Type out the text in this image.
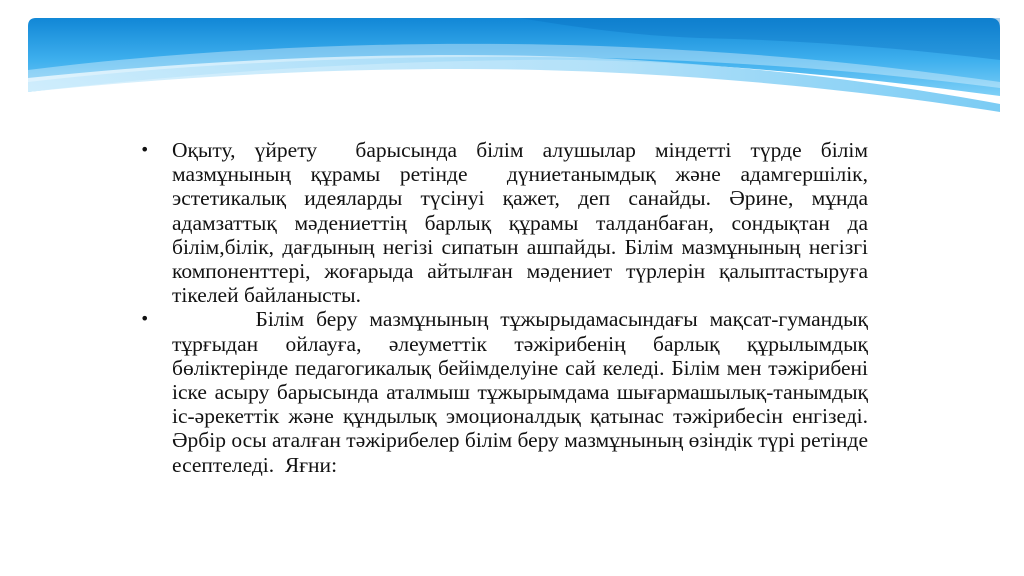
•	Оқыту, үйрету  барысында білім алушылар міндетті түрде білім мазмұнының құрамы ретінде  дүниетанымдық және адамгершілік, эстетикалық идеяларды түсінуі қажет, деп санайды. Әрине, мұнда адамзаттық мәдениеттің барлық құрамы талданбаған, сондықтан да  білім,білік, дағдының негізі сипатын ашпайды. Білім мазмұнының негізгі компоненттері, жоғарыда айтылған мәдениет түрлерін қалыптастыруға тікелей байланысты.
•	Білім беру мазмұнының тұжырыдамасындағы мақсат-гумандық тұрғыдан ойлауға, әлеуметтік тәжірибенің барлық құрылымдық бөліктерінде педагогикалық бейімделуіне сай келеді. Білім мен тәжірибені іске асыру барысында аталмыш тұжырымдама шығармашылық-танымдық іс-әрекеттік және құндылық эмоционалдық қатынас тәжірибесін енгізеді. Әрбір осы аталған тәжірибелер білім беру мазмұнының өзіндік түрі ретінде есептеледі.  Яғни:
